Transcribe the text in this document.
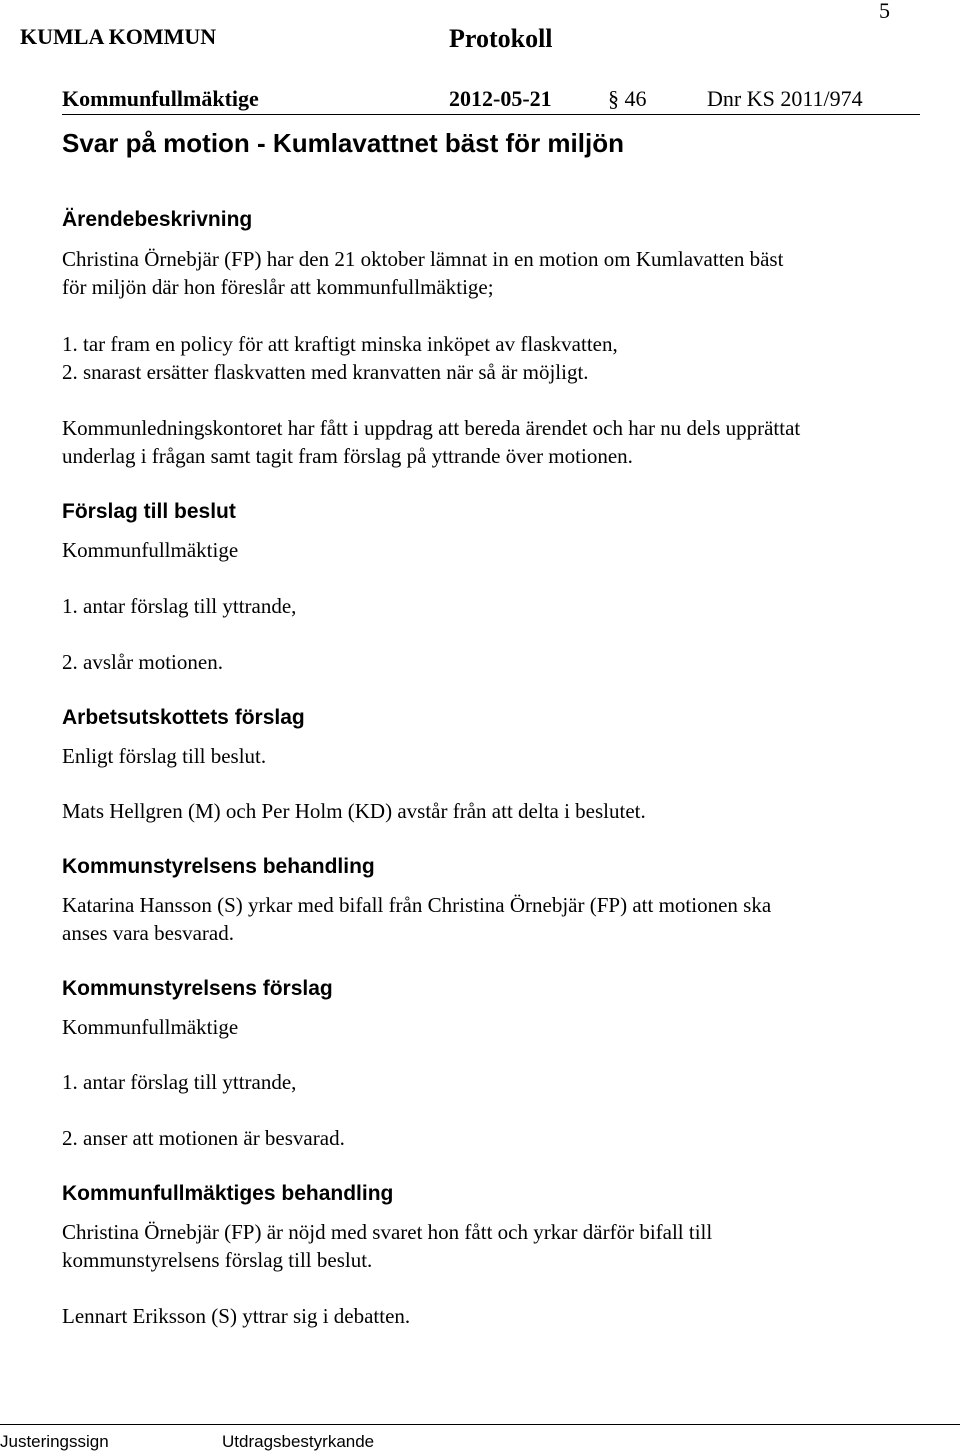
KUMLA KOMMUN	Protokoll
5
Kommunfullmäktige	2012-05-21	§ 46	Dnr KS 2011/974
Svar på motion - Kumlavattnet bäst för miljön
Ärendebeskrivning
Christina Örnebjär (FP) har den 21 oktober lämnat in en motion om Kumlavatten bäst
för miljön där hon föreslår att kommunfullmäktige;
1. tar fram en policy för att kraftigt minska inköpet av flaskvatten,
2. snarast ersätter flaskvatten med kranvatten när så är möjligt.
Kommunledningskontoret har fått i uppdrag att bereda ärendet och har nu dels upprättat
underlag i frågan samt tagit fram förslag på yttrande över motionen.
Förslag till beslut
Kommunfullmäktige
1. antar förslag till yttrande,
2. avslår motionen.
Arbetsutskottets förslag
Enligt förslag till beslut.
Mats Hellgren (M) och Per Holm (KD) avstår från att delta i beslutet.
Kommunstyrelsens behandling
Katarina Hansson (S) yrkar med bifall från Christina Örnebjär (FP) att motionen ska
anses vara besvarad.
Kommunstyrelsens förslag
Kommunfullmäktige
1. antar förslag till yttrande,
2. anser att motionen är besvarad.
Kommunfullmäktiges behandling
Christina Örnebjär (FP) är nöjd med svaret hon fått och yrkar därför bifall till
kommunstyrelsens förslag till beslut.
Lennart Eriksson (S) yttrar sig i debatten.
Justeringssign	Utdragsbestyrkande
